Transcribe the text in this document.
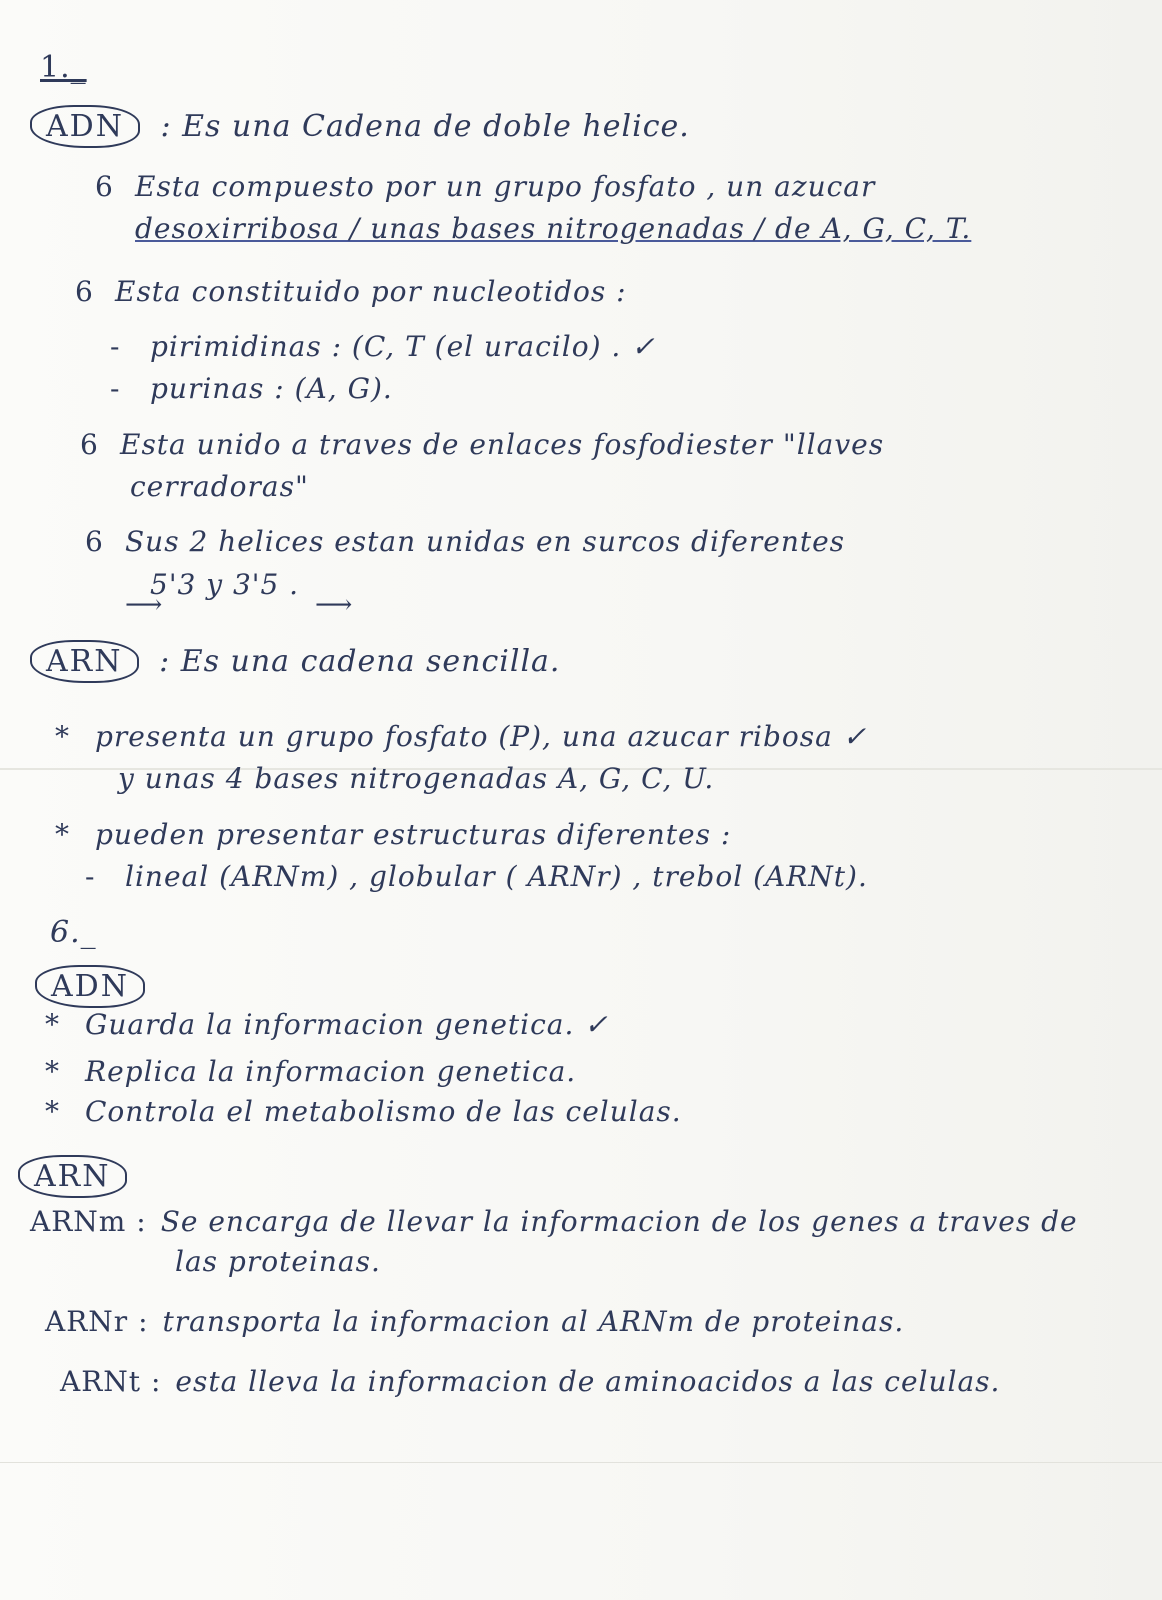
1._
ADN : Es una Cadena de doble helice.
6 Esta compuesto por un grupo fosfato , un azucar
desoxirribosa / unas bases nitrogenadas / de A, G, C, T.
6 Esta constituido por nucleotidos :
- pirimidinas : (C, T (el uracilo) . ✓
- purinas : (A, G).
6 Esta unido a traves de enlaces fosfodiester "llaves
cerradoras"
6 Sus 2 helices estan unidas en surcos diferentes
5'3 y 3'5 .
⟶	⟶
ARN : Es una cadena sencilla.
* presenta un grupo fosfato (P), una azucar ribosa ✓
y unas 4 bases nitrogenadas A, G, C, U.
* pueden presentar estructuras diferentes :
- lineal (ARNm) , globular ( ARNr) , trebol (ARNt).
6._
ADN
* Guarda la informacion genetica. ✓
* Replica la informacion genetica.
* Controla el metabolismo de las celulas.
ARN
ARNm : Se encarga de llevar la informacion de los genes a traves de
las proteinas.
ARNr : transporta la informacion al ARNm de proteinas.
ARNt : esta lleva la informacion de aminoacidos a las celulas.
